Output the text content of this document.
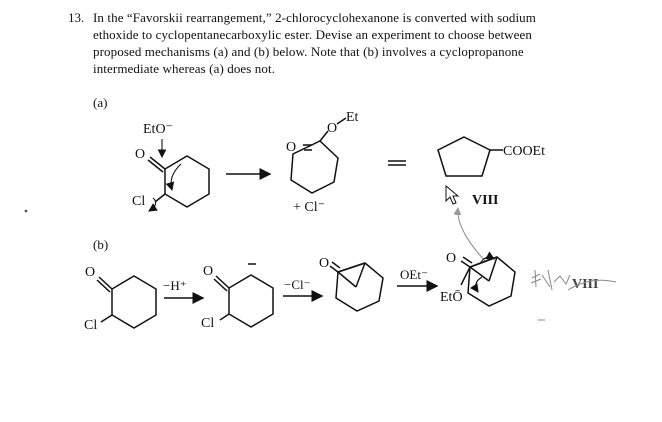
13. In the “Favorskii rearrangement,” 2-chlorocyclohexanone is converted with sodium
ethoxide to cyclopentanecarboxylic ester. Devise an experiment to choose between
proposed mechanisms (a) and (b) below. Note that (b) involves a cyclopropanone
intermediate whereas (a) does not.
(a)
(b)
O
EtO⁻
Cl
O
O
Et
+ Cl⁻
COOEt
VIII
O
Cl
−H⁺
O
Cl
−Cl⁻
O
OEt⁻
O
EtŌ
VIII
